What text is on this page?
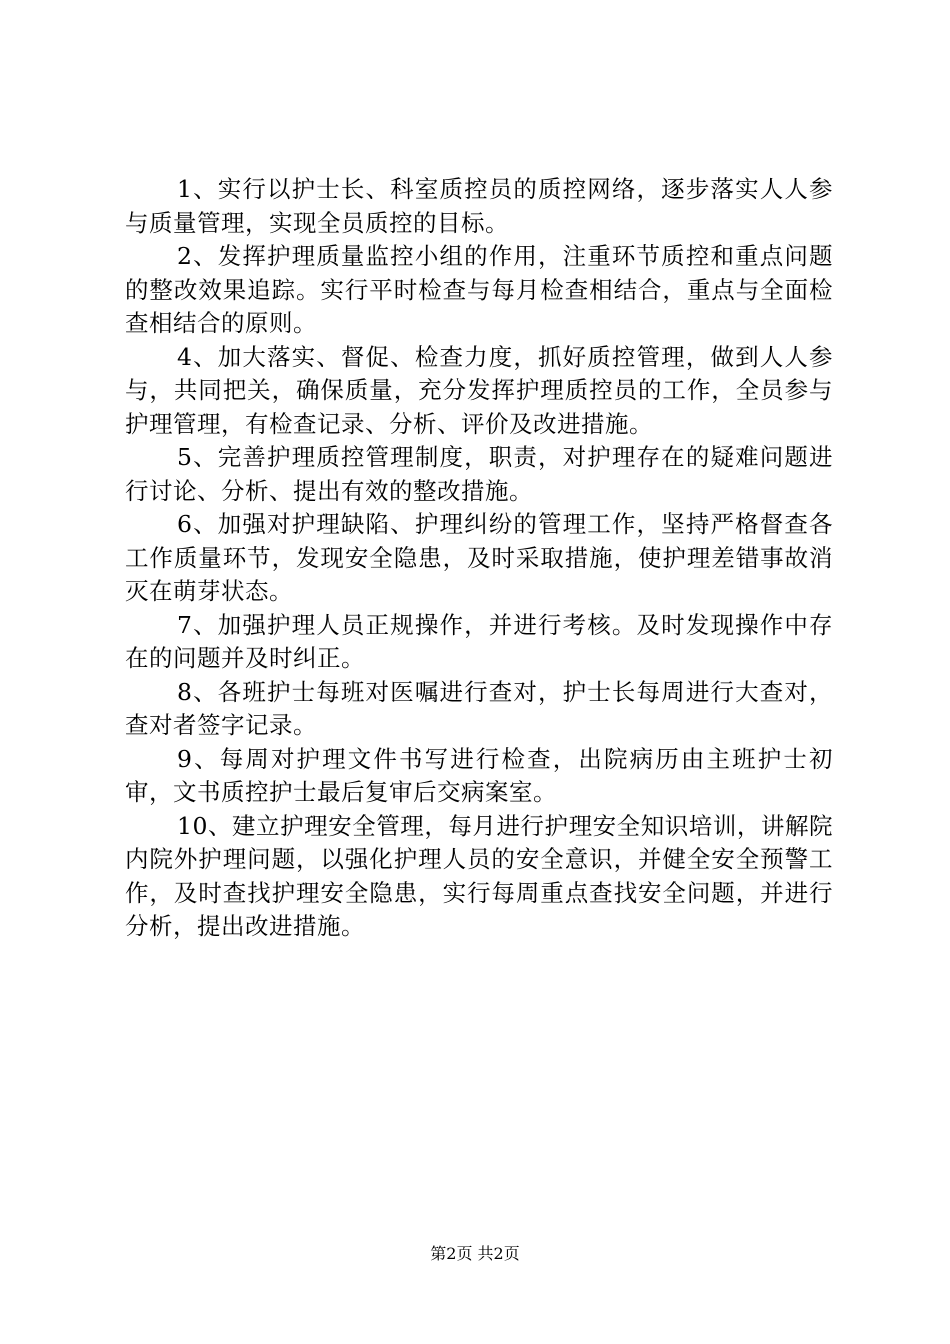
1、实行以护士长、科室质控员的质控网络，逐步落实人人参与质量管理，实现全员质控的目标。

2、发挥护理质量监控小组的作用，注重环节质控和重点问题的整改效果追踪。实行平时检查与每月检查相结合，重点与全面检查相结合的原则。

4、加大落实、督促、检查力度，抓好质控管理，做到人人参与，共同把关，确保质量，充分发挥护理质控员的工作，全员参与护理管理，有检查记录、分析、评价及改进措施。

5、完善护理质控管理制度，职责，对护理存在的疑难问题进行讨论、分析、提出有效的整改措施。

6、加强对护理缺陷、护理纠纷的管理工作，坚持严格督查各工作质量环节，发现安全隐患，及时采取措施，使护理差错事故消灭在萌芽状态。

7、加强护理人员正规操作，并进行考核。及时发现操作中存在的问题并及时纠正。

8、各班护士每班对医嘱进行查对，护士长每周进行大查对，查对者签字记录。

9、每周对护理文件书写进行检查，出院病历由主班护士初审，文书质控护士最后复审后交病案室。

10、建立护理安全管理，每月进行护理安全知识培训，讲解院内院外护理问题，以强化护理人员的安全意识，并健全安全预警工作，及时查找护理安全隐患，实行每周重点查找安全问题，并进行分析，提出改进措施。

第2页 共2页
